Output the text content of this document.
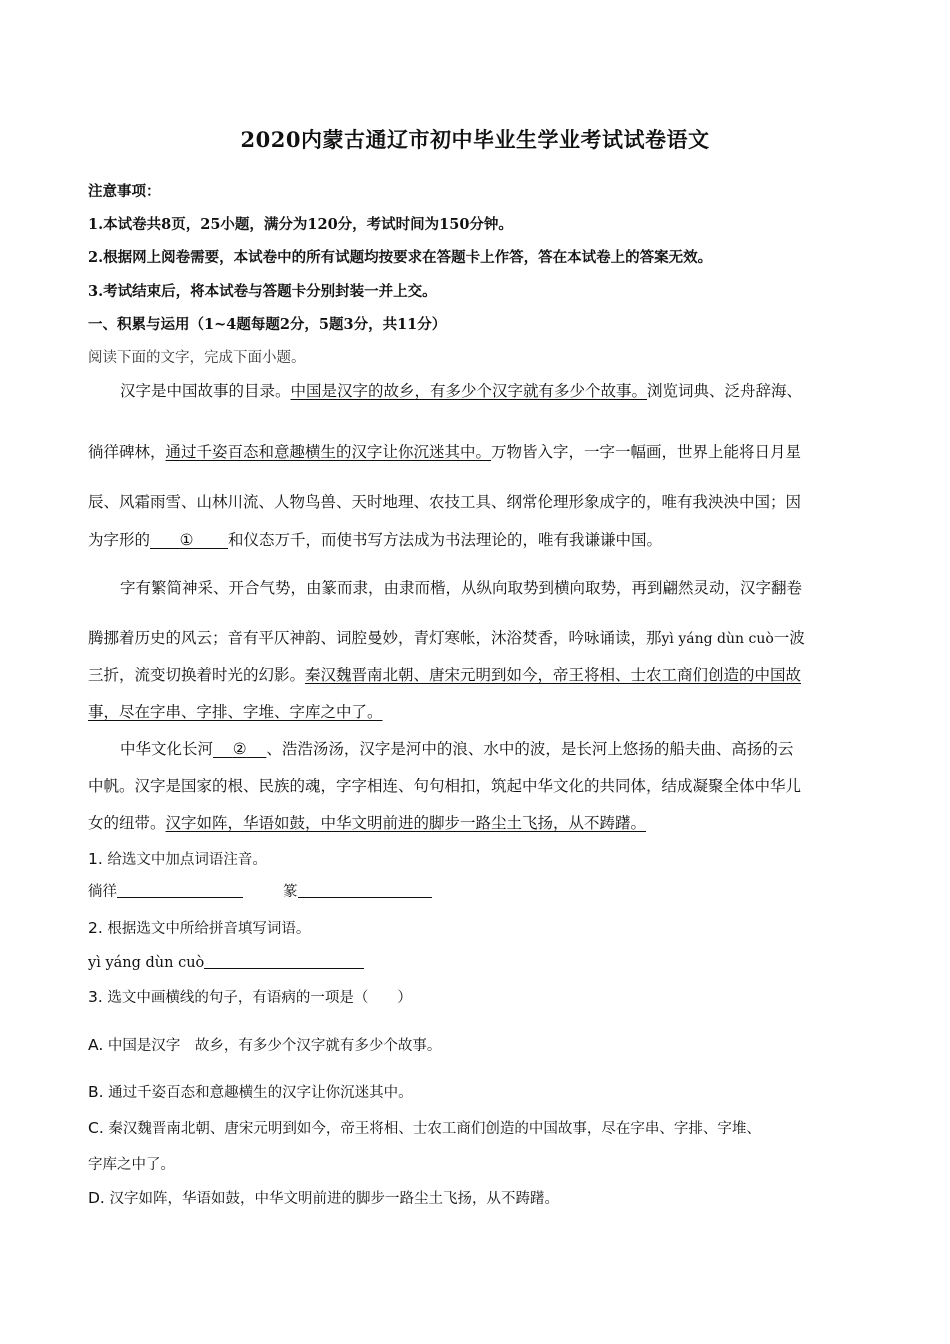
2020内蒙古通辽市初中毕业生学业考试试卷语文
注意事项：
1.本试卷共8页，25小题，满分为120分，考试时间为150分钟。
2.根据网上阅卷需要，本试卷中的所有试题均按要求在答题卡上作答，答在本试卷上的答案无效。
3.考试结束后，将本试卷与答题卡分别封装一并上交。
一、积累与运用（1~4题每题2分，5题3分，共11分）
阅读下面的文字，完成下面小题。
汉字是中国故事的目录。中国是汉字的故乡，有多少个汉字就有多少个故事。浏览词典、泛舟辞海、
徜徉碑林，通过千姿百态和意趣横生的汉字让你沉迷其中。万物皆入字，一字一幅画，世界上能将日月星
辰、风霜雨雪、山林川流、人物鸟兽、天时地理、农技工具、纲常伦理形象成字的，唯有我泱泱中国；因
为字形的 ① 和仪态万千，而使书写方法成为书法理论的，唯有我谦谦中国。
字有繁简神采、开合气势，由篆而隶，由隶而楷，从纵向取势到横向取势，再到翩然灵动，汉字翻卷
腾挪着历史的风云；音有平仄神韵、词腔曼妙，青灯寒帐，沐浴焚香，吟咏诵读，那yì yáng dùn cuò一波
三折，流变切换着时光的幻影。秦汉魏晋南北朝、唐宋元明到如今，帝王将相、士农工商们创造的中国故
事，尽在字串、字排、字堆、字库之中了。
中华文化长河 ② 、浩浩汤汤，汉字是河中的浪、水中的波，是长河上悠扬的船夫曲、高扬的云
中帆。汉字是国家的根、民族的魂，字字相连、句句相扣，筑起中华文化的共同体，结成凝聚全体中华儿
女的纽带。汉字如阵，华语如鼓，中华文明前进的脚步一路尘土飞扬，从不踌躇。
1. 给选文中加点词语注音。
徜徉	篆
2. 根据选文中所给拼音填写词语。
yì yáng dùn cuò
3. 选文中画横线的句子，有语病的一项是（　　）
A. 中国是汉字　故乡，有多少个汉字就有多少个故事。
B. 通过千姿百态和意趣横生的汉字让你沉迷其中。
C. 秦汉魏晋南北朝、唐宋元明到如今，帝王将相、士农工商们创造的中国故事，尽在字串、字排、字堆、
字库之中了。
D. 汉字如阵，华语如鼓，中华文明前进的脚步一路尘土飞扬，从不踌躇。
